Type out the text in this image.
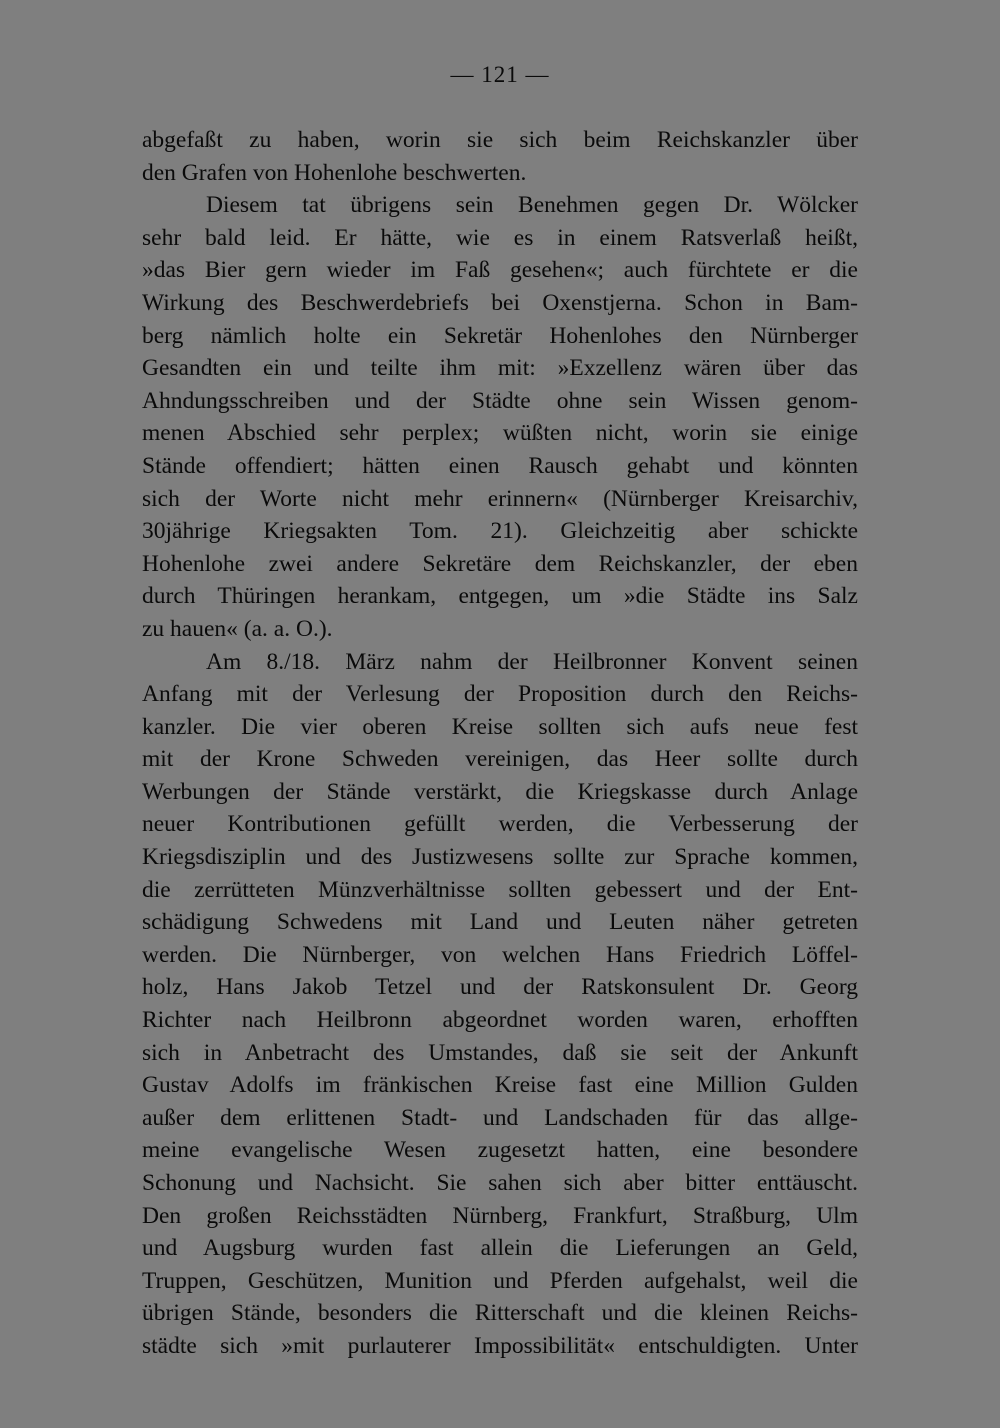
— 121 —
abgefaßt zu haben, worin sie sich beim Reichskanzler über
den Grafen von Hohenlohe beschwerten.
Diesem tat übrigens sein Benehmen gegen Dr. Wölcker
sehr bald leid. Er hätte, wie es in einem Ratsverlaß heißt,
»das Bier gern wieder im Faß gesehen«; auch fürchtete er die
Wirkung des Beschwerdebriefs bei Oxenstjerna. Schon in Bam-
berg nämlich holte ein Sekretär Hohenlohes den Nürnberger
Gesandten ein und teilte ihm mit: »Exzellenz wären über das
Ahndungsschreiben und der Städte ohne sein Wissen genom-
menen Abschied sehr perplex; wüßten nicht, worin sie einige
Stände offendiert; hätten einen Rausch gehabt und könnten
sich der Worte nicht mehr erinnern« (Nürnberger Kreisarchiv,
30jährige Kriegsakten Tom. 21). Gleichzeitig aber schickte
Hohenlohe zwei andere Sekretäre dem Reichskanzler, der eben
durch Thüringen herankam, entgegen, um »die Städte ins Salz
zu hauen« (a. a. O.).
Am 8./18. März nahm der Heilbronner Konvent seinen
Anfang mit der Verlesung der Proposition durch den Reichs-
kanzler. Die vier oberen Kreise sollten sich aufs neue fest
mit der Krone Schweden vereinigen, das Heer sollte durch
Werbungen der Stände verstärkt, die Kriegskasse durch Anlage
neuer Kontributionen gefüllt werden, die Verbesserung der
Kriegsdisziplin und des Justizwesens sollte zur Sprache kommen,
die zerrütteten Münzverhältnisse sollten gebessert und der Ent-
schädigung Schwedens mit Land und Leuten näher getreten
werden. Die Nürnberger, von welchen Hans Friedrich Löffel-
holz, Hans Jakob Tetzel und der Ratskonsulent Dr. Georg
Richter nach Heilbronn abgeordnet worden waren, erhofften
sich in Anbetracht des Umstandes, daß sie seit der Ankunft
Gustav Adolfs im fränkischen Kreise fast eine Million Gulden
außer dem erlittenen Stadt- und Landschaden für das allge-
meine evangelische Wesen zugesetzt hatten, eine besondere
Schonung und Nachsicht. Sie sahen sich aber bitter enttäuscht.
Den großen Reichsstädten Nürnberg, Frankfurt, Straßburg, Ulm
und Augsburg wurden fast allein die Lieferungen an Geld,
Truppen, Geschützen, Munition und Pferden aufgehalst, weil die
übrigen Stände, besonders die Ritterschaft und die kleinen Reichs-
städte sich »mit purlauterer Impossibilität« entschuldigten. Unter
